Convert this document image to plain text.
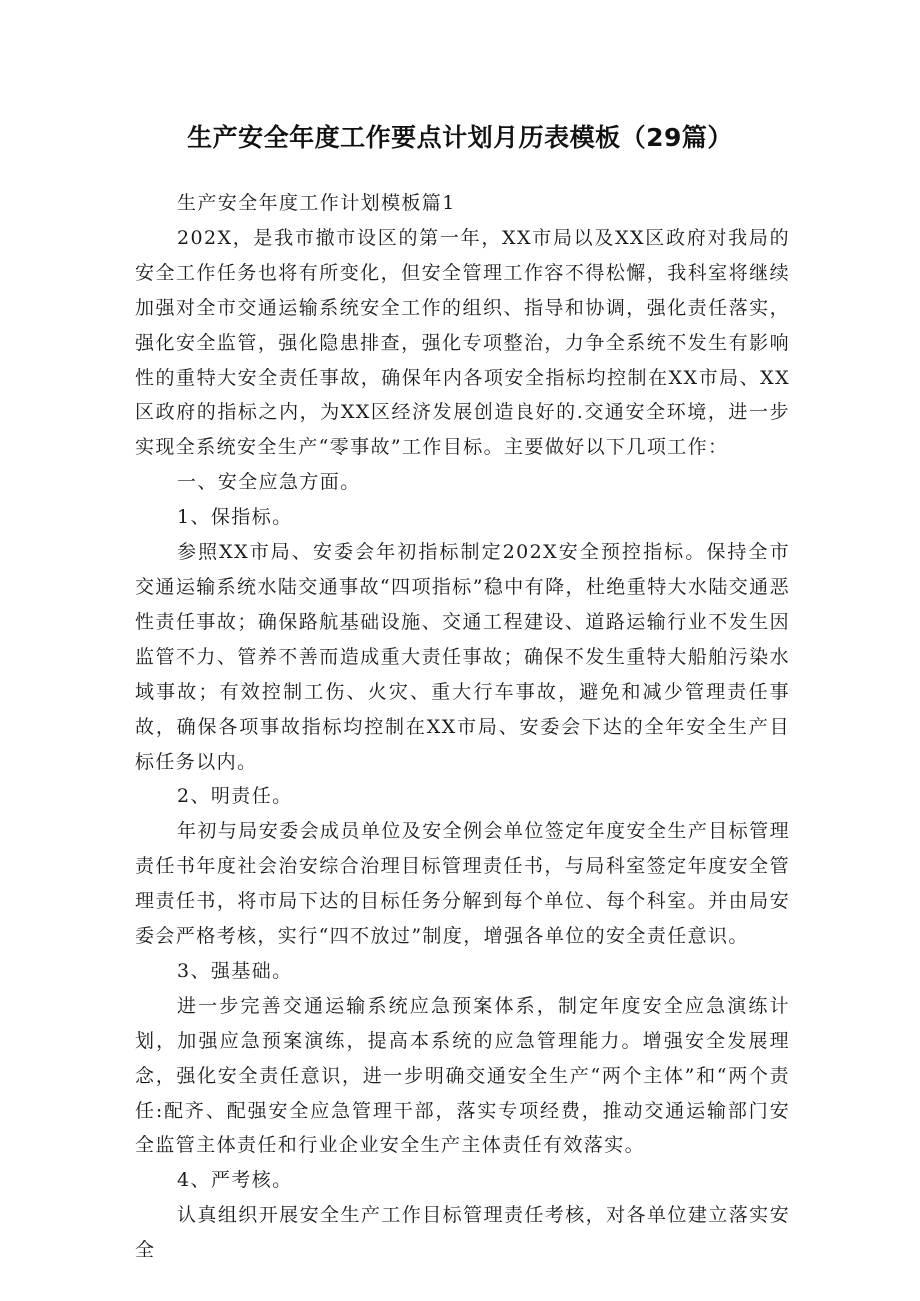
生产安全年度工作要点计划月历表模板（29篇）

生产安全年度工作计划模板篇1

202X，是我市撤市设区的第一年，XX市局以及XX区政府对我局的安全工作任务也将有所变化，但安全管理工作容不得松懈，我科室将继续加强对全市交通运输系统安全工作的组织、指导和协调，强化责任落实，强化安全监管，强化隐患排查，强化专项整治，力争全系统不发生有影响性的重特大安全责任事故，确保年内各项安全指标均控制在XX市局、XX区政府的指标之内，为XX区经济发展创造良好的.交通安全环境，进一步实现全系统安全生产“零事故”工作目标。主要做好以下几项工作：

一、安全应急方面。

1、保指标。

参照XX市局、安委会年初指标制定202X安全预控指标。保持全市交通运输系统水陆交通事故“四项指标”稳中有降，杜绝重特大水陆交通恶性责任事故；确保路航基础设施、交通工程建设、道路运输行业不发生因监管不力、管养不善而造成重大责任事故；确保不发生重特大船舶污染水域事故；有效控制工伤、火灾、重大行车事故，避免和减少管理责任事故，确保各项事故指标均控制在XX市局、安委会下达的全年安全生产目标任务以内。

2、明责任。

年初与局安委会成员单位及安全例会单位签定年度安全生产目标管理责任书年度社会治安综合治理目标管理责任书，与局科室签定年度安全管理责任书，将市局下达的目标任务分解到每个单位、每个科室。并由局安委会严格考核，实行“四不放过”制度，增强各单位的安全责任意识。

3、强基础。

进一步完善交通运输系统应急预案体系，制定年度安全应急演练计划，加强应急预案演练，提高本系统的应急管理能力。增强安全发展理念，强化安全责任意识，进一步明确交通安全生产“两个主体”和“两个责任:配齐、配强安全应急管理干部，落实专项经费，推动交通运输部门安全监管主体责任和行业企业安全生产主体责任有效落实。

4、严考核。

认真组织开展安全生产工作目标管理责任考核，对各单位建立落实安全
